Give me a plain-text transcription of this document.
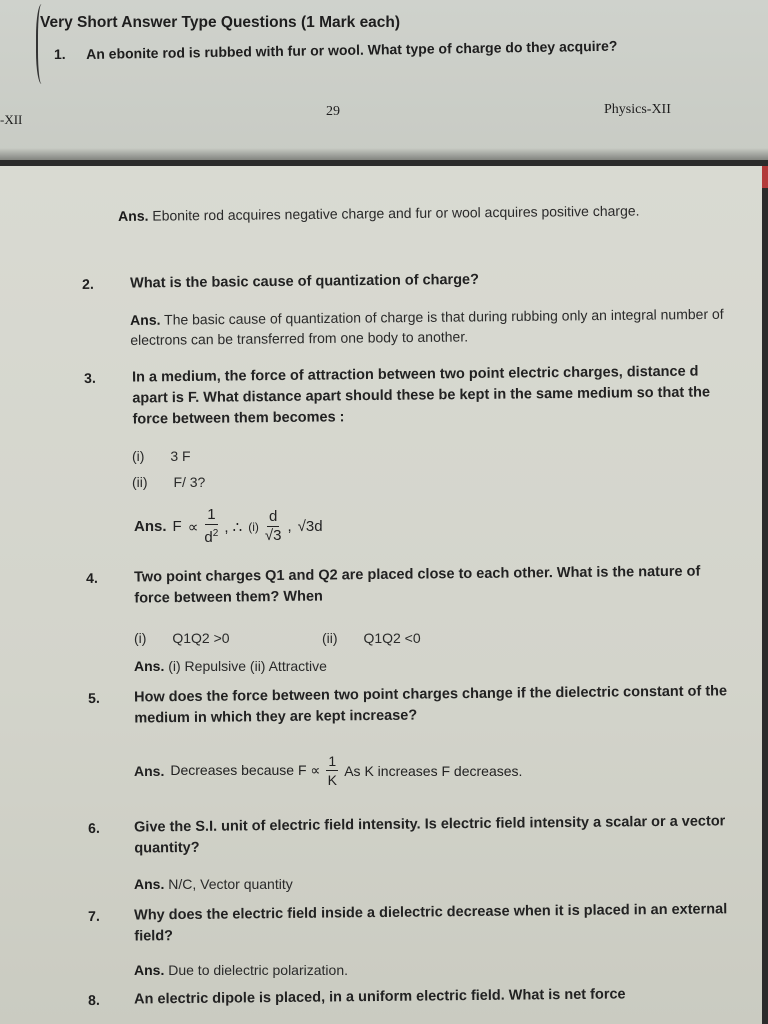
Very Short Answer Type Questions (1 Mark each)
1. An ebonite rod is rubbed with fur or wool. What type of charge do they acquire?
-XII
29	Physics-XII
Ans. Ebonite rod acquires negative charge and fur or wool acquires positive charge.
2. What is the basic cause of quantization of charge?
Ans. The basic cause of quantization of charge is that during rubbing only an integral number of electrons can be transferred from one body to another.
3. In a medium, the force of attraction between two point electric charges, distance d apart is F. What distance apart should these be kept in the same medium so that the force between them becomes :
(i) 3 F
(ii) F/ 3?
Ans. $F \propto \frac{1}{d^2}$ , ∴ $(i) \frac{d}{√3}$ , √3d
4. Two point charges Q1 and Q2 are placed close to each other. What is the nature of force between them? When
(i) Q1Q2 >0	(ii) Q1Q2 <0
Ans. (i) Repulsive (ii) Attractive
5. How does the force between two point charges change if the dielectric constant of the medium in which they are kept increase?
Ans. Decreases because $F \propto \frac{1}{K}$ As K increases F decreases.
6. Give the S.I. unit of electric field intensity. Is electric field intensity a scalar or a vector quantity?
Ans. N/C, Vector quantity
7. Why does the electric field inside a dielectric decrease when it is placed in an external field?
Ans. Due to dielectric polarization.
8. An electric dipole is placed, in a uniform electric field. What is net force
